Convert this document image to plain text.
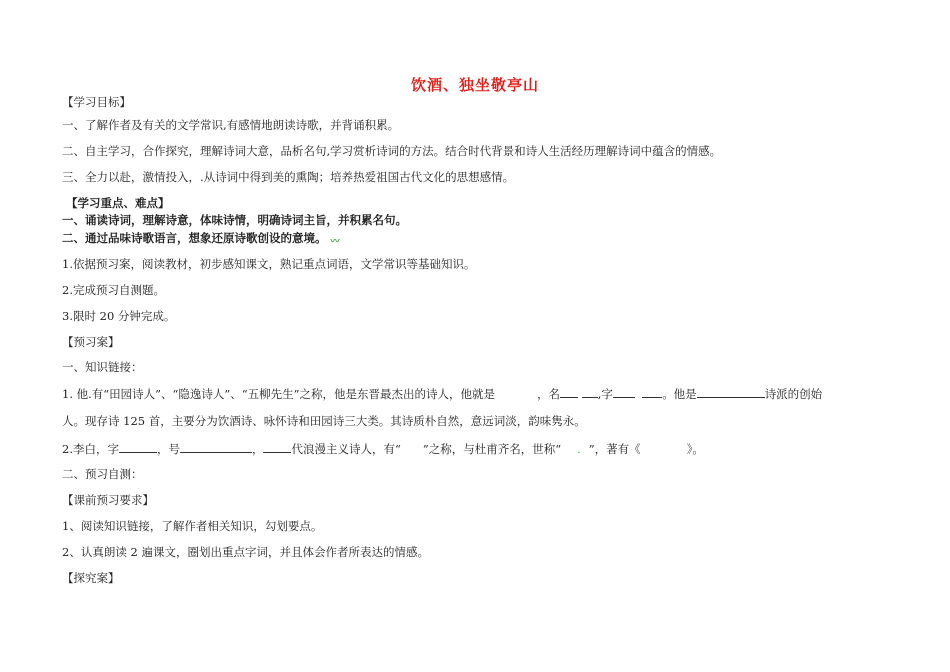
饮酒、独坐敬亭山
【学习目标】
一、了解作者及有关的文学常识,有感情地朗读诗歌，并背诵积累。
二、自主学习，合作探究，理解诗词大意，品析名句,学习赏析诗词的方法。结合时代背景和诗人生活经历理解诗词中蕴含的情感。
三、全力以赴，激情投入，.从诗词中得到美的熏陶；培养热爱祖国古代文化的思想感情。
【学习重点、难点】
一、诵读诗词，理解诗意，体味诗情，明确诗词主旨，并积累名句。
二、通过品味诗歌语言，想象还原诗歌创设的意境。 〰
1.依据预习案，阅读教材，初步感知课文，熟记重点词语，文学常识等基础知识。
2.完成预习自测题。
3.限时 20 分钟完成。
【预习案】
一、知识链接：
1. 他.有“田园诗人”、“隐逸诗人”、“五柳先生”之称，他是东晋最杰出的诗人，他就是	，名	,字	。他是	诗派的创始
人。现存诗 125 首，主要分为饮酒诗、咏怀诗和田园诗三大类。其诗质朴自然，意远词淡，韵味隽永。
2.李白，字	，号	， 代浪漫主义诗人，有“ ”之称，与杜甫齐名，世称“ . ”，著有《	》。
二、预习自测：
【课前预习要求】
1、阅读知识链接，了解作者相关知识，勾划要点。
2、认真朗读 2 遍课文，圈划出重点字词，并且体会作者所表达的情感。
【探究案】
